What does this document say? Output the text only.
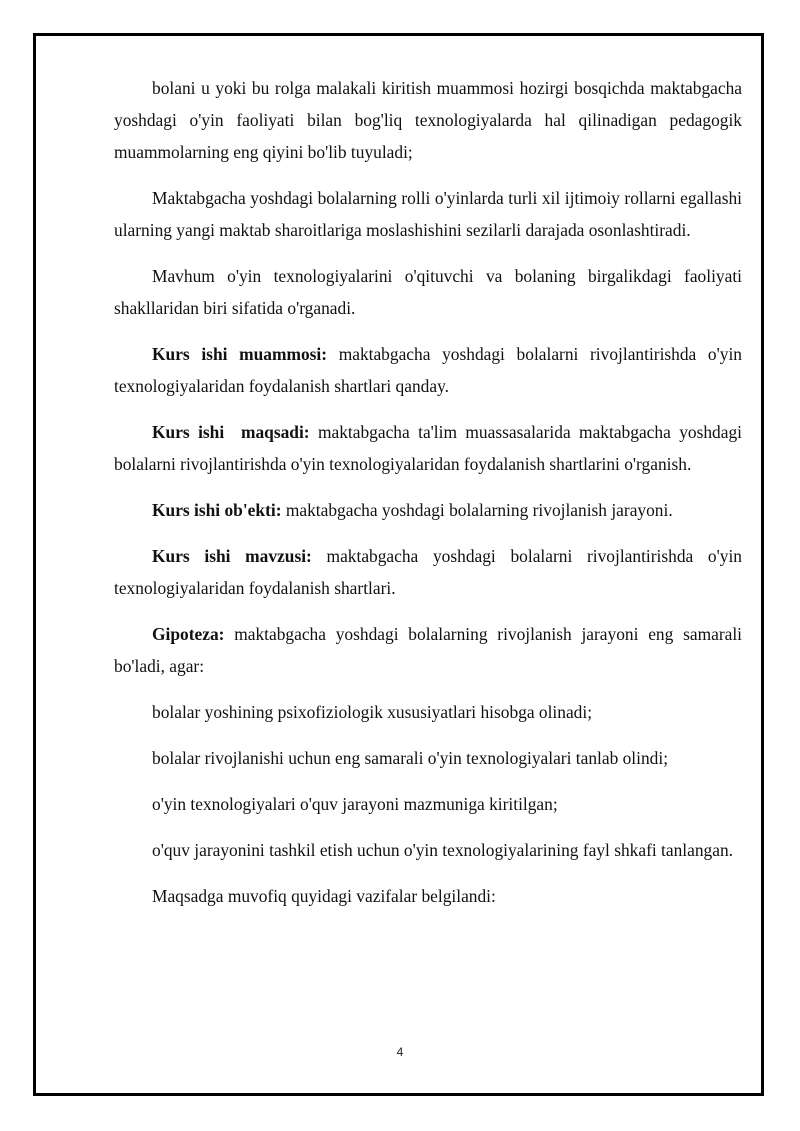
bolani u yoki bu rolga malakali kiritish muammosi hozirgi bosqichda maktabgacha yoshdagi o'yin faoliyati bilan bog'liq texnologiyalarda hal qilinadigan pedagogik muammolarning eng qiyini bo'lib tuyuladi;

Maktabgacha yoshdagi bolalarning rolli o'yinlarda turli xil ijtimoiy rollarni egallashi ularning yangi maktab sharoitlariga moslashishini sezilarli darajada osonlashtiradi.

Mavhum o'yin texnologiyalarini o'qituvchi va bolaning birgalikdagi faoliyati shakllaridan biri sifatida o'rganadi.

Kurs ishi muammosi: maktabgacha yoshdagi bolalarni rivojlantirishda o'yin texnologiyalaridan foydalanish shartlari qanday.

Kurs ishi  maqsadi: maktabgacha ta'lim muassasalarida maktabgacha yoshdagi bolalarni rivojlantirishda o'yin texnologiyalaridan foydalanish shartlarini o'rganish.

Kurs ishi ob'ekti: maktabgacha yoshdagi bolalarning rivojlanish jarayoni.

Kurs ishi mavzusi: maktabgacha yoshdagi bolalarni rivojlantirishda o'yin texnologiyalaridan foydalanish shartlari.

Gipoteza: maktabgacha yoshdagi bolalarning rivojlanish jarayoni eng samarali bo'ladi, agar:

bolalar yoshining psixofiziologik xususiyatlari hisobga olinadi;

bolalar rivojlanishi uchun eng samarali o'yin texnologiyalari tanlab olindi;

o'yin texnologiyalari o'quv jarayoni mazmuniga kiritilgan;

o'quv jarayonini tashkil etish uchun o'yin texnologiyalarining fayl shkafi tanlangan.

Maqsadga muvofiq quyidagi vazifalar belgilandi:

4
